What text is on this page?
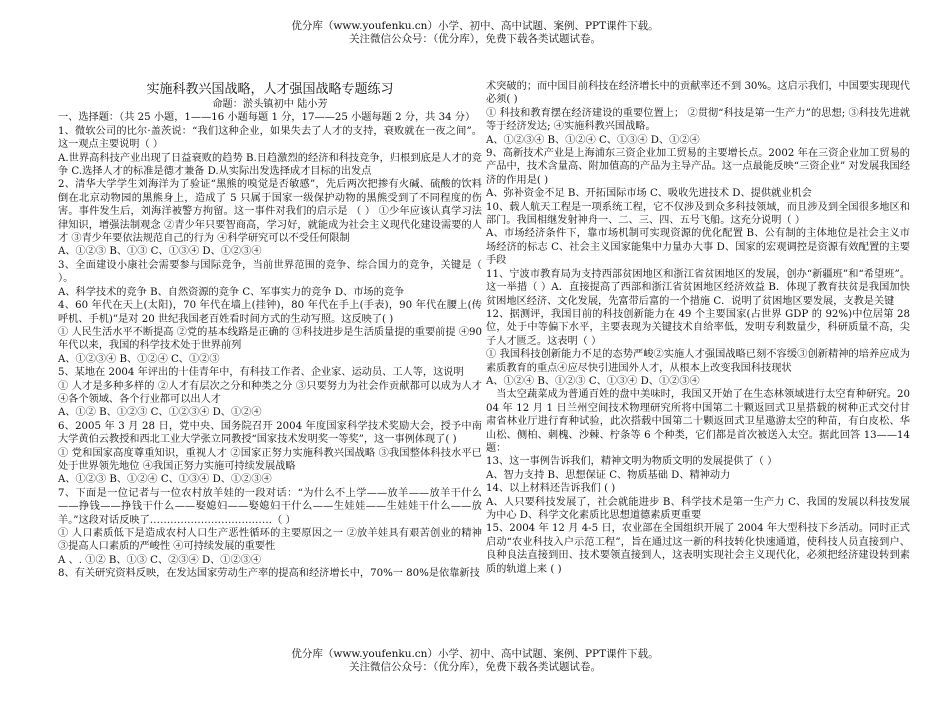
优分库（www.youfenku.cn）小学、初中、高中试题、案例、PPT课件下载。
关注微信公众号：（优分库），免费下载各类试题试卷。

实施科教兴国战略，人才强国战略专题练习

命题：淤头镇初中 陆小芳

一、选择题：（共 25 小题，1——16 小题每题 1 分，17——25 小题每题 2 分，共 34 分）

1、微软公司的比尔·盖茨说：“我们这种企业，如果失去了人才的支持，衰败就在一夜之间”。这一观点主要说明（ ）

A.世界高科技产业出现了日益衰败的趋势 B.日趋激烈的经济和科技竞争，归根到底是人才的竞争 C.选择人才的标准是德才兼备 D.从实际出发选择成才目标的出发点

2、清华大学学生刘海洋为了验证“黑熊的嗅觉是否敏感”，先后两次把掺有火碱、硫酸的饮料倒在北京动物园的黑熊身上，造成了 5 只属于国家一级保护动物的黑熊受到了不同程度的伤害。事件发生后，刘海洋被警方拘留。这一事件对我们的启示是 （ ） ①少年应该认真学习法律知识，增强法制观念 ②青少年只要智商高，学习好，就能成为社会主义现代化建设需要的人才 ③青少年要依法规范自己的行为 ④科学研究可以不受任何限制

A、①②③ B、①③ C、①③④ D、①②③④

3、全面建设小康社会需要参与国际竞争，当前世界范围的竞争、综合国力的竞争，关键是（ ）。

A、科学技术的竞争 B、自然资源的竞争 C、军事实力的竞争 D、市场的竞争

4、60 年代在天上(太阳)，70 年代在墙上(挂钟)，80 年代在手上(手表)，90 年代在腰上(传呼机、手机)”是对 20 世纪我国老百姓看时间方式的生动写照。这反映了( )

① 人民生活水平不断提高 ②党的基本线路是正确的 ③科技进步是生活质量提的重要前提 ④90 年代以来，我国的科学技术处于世界前列

A、①②③④ B、①②④ C、①②③

5、某地在 2004 年评出的十佳青年中，有科技工作者、企业家、运动员、工人等，这说明

① 人才是多种多样的 ②人才有层次之分和种类之分 ③只要努力为社会作贡献都可以成为人才 ④各个领域、各个行业都可以出人才

A、①② B、①②③ C、①②③④ D、①②④

6、2005 年 3 月 28 日，党中央、国务院召开 2004 年度国家科学技术奖励大会，授予中南大学黄伯云教授和西北工业大学张立同教授“国家技术发明奖一等奖”，这一事例体现了( )

① 党和国家高度尊重知识，重视人才 ②国家正努力实施科教兴国战略 ③我国整体科技水平已处于世界领先地位 ④我国正努力实施可持续发展战略

A、①②③ B、①②④ C、①③④ D、①②③④

7、下面是一位记者与一位农村放羊娃的一段对话：“为什么不上学——放羊——放羊干什么——挣钱——挣钱干什么——娶媳妇——娶媳妇干什么——生娃娃——生娃娃干什么——放羊。”这段对话反映了………………………………（ ）

① 人口素质低下是造成农村人口生产恶性循环的主要原因之一 ②放羊娃具有艰苦创业的精神 ③提高人口素质的严峻性 ④可持续发展的重要性

A 、. ①② B、①③ C、②③④ D、①②③④

8、有关研究资料反映，在发达国家劳动生产率的提高和经济增长中，70%一 80%是依靠新技

术突破的；而中国目前科技在经济增长中的贡献率还不到 30%。这启示我们，中国要实现现代必须( )

① 科技和教育摆在经济建设的重要位置上； ②贯彻“科技是第一生产力”的思想; ③科技先进就等于经济发达; ④实施科教兴国战略。

A、①②③④ B、①②④ C、①③④ D、①②④

9、高新技术产业是上海浦东三资企业加工贸易的主要增长点。2002 年在三资企业加工贸易的产品中，技术含量高、附加值高的产品为主导产品。这一点最能反映“三资企业” 对发展我国经济的作用是( )

A、弥补资金不足 B、开拓国际市场 C、吸收先进技术 D、提供就业机会

10、载人航天工程是一项系统工程，它不仅涉及到众多科技领域，而且涉及到全国很多地区和部门。我国相继发射神舟一、二、三、四、五号飞船。这充分说明（ ）

A、市场经济条件下，靠市场机制可实现资源的优化配置 B、公有制的主体地位是社会主义市场经济的标志 C、社会主义国家能集中力量办大事 D、国家的宏观调控是资源有效配置的主要手段

11、宁波市教育局为支持西部贫困地区和浙江省贫困地区的发展，创办“新疆班”和“希望班”。这一举措（ ）A．直接提高了西部和浙江省贫困地区经济效益 B．体现了教育扶贫是我国加快贫困地区经济、文化发展，先富带后富的一个措施 C．说明了贫困地区要发展，支教是关键

12、据测评，我国目前的科技创新能力在 49 个主要国家(占世界 GDP 的 92%)中位居第 28 位，处于中等偏下水平，主要表现为关键技术自给率低，发明专利数量少，科研质量不高，尖子人才匮乏。这表明（ ）

① 我国科技创新能力不足的态势严峻②实施人才强国战略已刻不容缓③创新精神的培养应成为素质教育的重点④应尽快引进国外人才，从根本上改变我国科技现状

A、①②④ B、①②③ C、①③④ D、①②③④

当太空蔬菜成为普通百姓的盘中美味时，我国又开始了在生态林领域进行太空育种研究。2004 年 12 月 1 日兰州空间技术物理研究所将中国第二十颗返回式卫星搭载的树种正式交付甘肃省林业厅进行育种试验，此次搭载中国第二十颗返回式卫星遨游太空的种苗，有白皮松、华山松、侧柏、刺槐、沙棘、柠条等 6 个种类，它们都是首次被送入太空。据此回答 13——14 题：

13、这一事例告诉我们，精神文明为物质文明的发展提供了（ ）

A、智力支持 B、思想保证 C、物质基础 D、精神动力

14、以上材料还告诉我们 ( )

A、人只要科技发展了，社会就能进步 B、科学技术是第一生产力 C、我国的发展以科技发展为中心 D、科学文化素质比思想道德素质更重要

15、2004 年 12 月 4-5 日，农业部在全国组织开展了 2004 年大型科技下乡活动。同时正式启动“农业科技入户示范工程”，旨在通过这一新的科技转化快速通道，使科技人员直接到户、良种良法直接到田、技术要领直接到人，这表明实现社会主义现代化，必须把经济建设转到素质的轨道上来 ( )

优分库（www.youfenku.cn）小学、初中、高中试题、案例、PPT课件下载。
关注微信公众号：（优分库），免费下载各类试题试卷。
